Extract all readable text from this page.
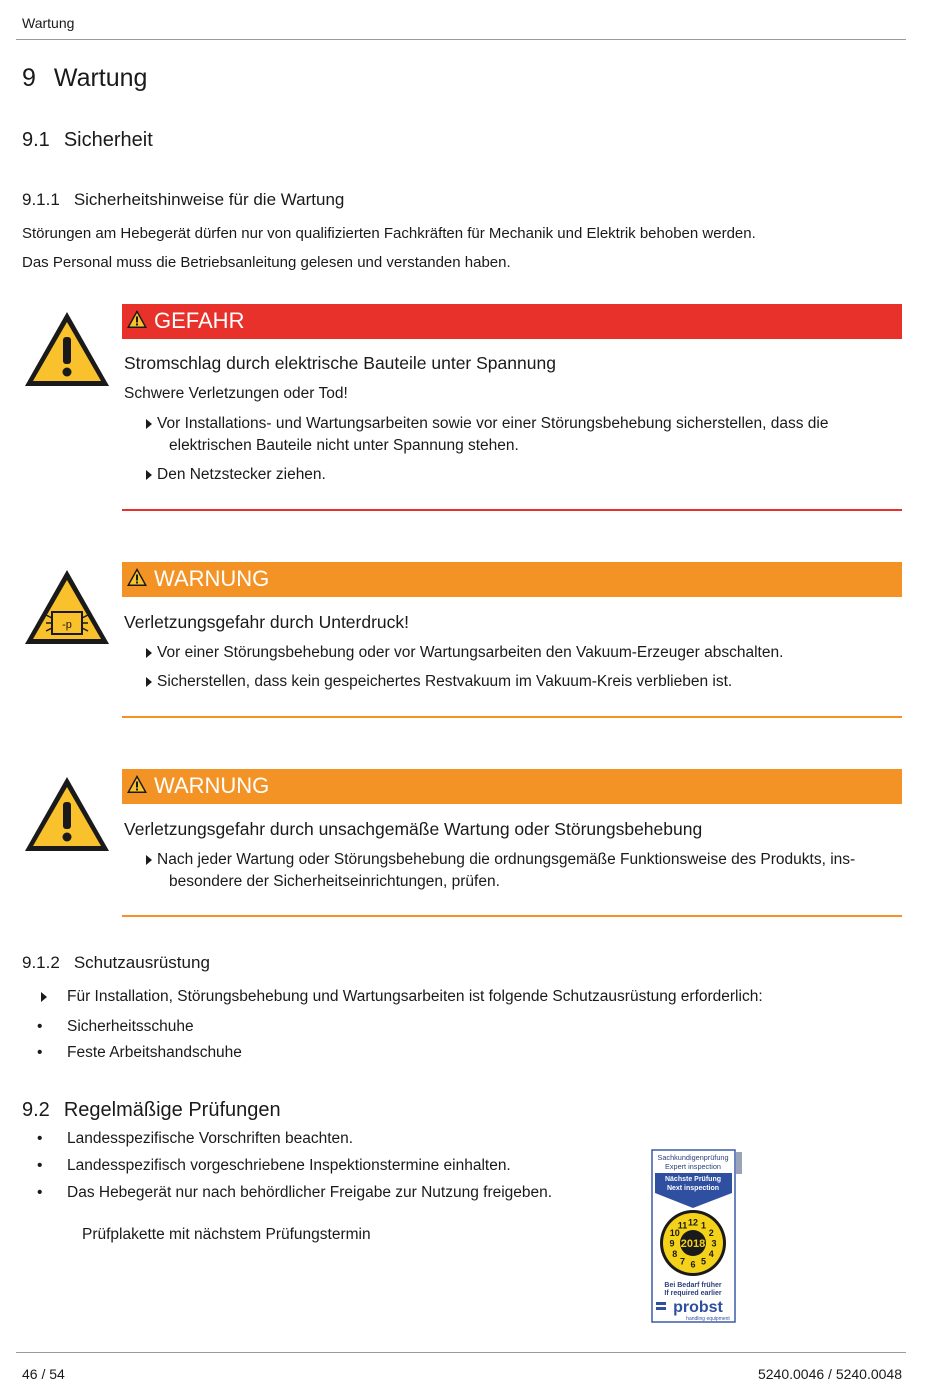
Wartung
9 Wartung
9.1 Sicherheit
9.1.1 Sicherheitshinweise für die Wartung
Störungen am Hebegerät dürfen nur von qualifizierten Fachkräften für Mechanik und Elektrik behoben werden.
Das Personal muss die Betriebsanleitung gelesen und verstanden haben.
GEFAHR
Stromschlag durch elektrische Bauteile unter Spannung
Schwere Verletzungen oder Tod!
Vor Installations- und Wartungsarbeiten sowie vor einer Störungsbehebung sicherstellen, dass die
elektrischen Bauteile nicht unter Spannung stehen.
Den Netzstecker ziehen.
-p
WARNUNG
Verletzungsgefahr durch Unterdruck!
Vor einer Störungsbehebung oder vor Wartungsarbeiten den Vakuum-Erzeuger abschalten.
Sicherstellen, dass kein gespeichertes Restvakuum im Vakuum-Kreis verblieben ist.
WARNUNG
Verletzungsgefahr durch unsachgemäße Wartung oder Störungsbehebung
Nach jeder Wartung oder Störungsbehebung die ordnungsgemäße Funktionsweise des Produkts, ins-
besondere der Sicherheitseinrichtungen, prüfen.
9.1.2 Schutzausrüstung
Für Installation, Störungsbehebung und Wartungsarbeiten ist folgende Schutzausrüstung erforderlich:
• Sicherheitsschuhe
• Feste Arbeitshandschuhe
9.2 Regelmäßige Prüfungen
• Landesspezifische Vorschriften beachten.
• Landesspezifisch vorgeschriebene Inspektionstermine einhalten.
• Das Hebegerät nur nach behördlicher Freigabe zur Nutzung freigeben.
Prüfplakette mit nächstem Prüfungstermin
Sachkundigenprüfung
Expert inspection
Nächste Prüfung
Next inspection
1
2
3
4
5
6
7
8
9
10
11 12
2018
Bei Bedarf früher
If required earlier
probst
handling equipment
46 / 54	5240.0046 / 5240.0048
